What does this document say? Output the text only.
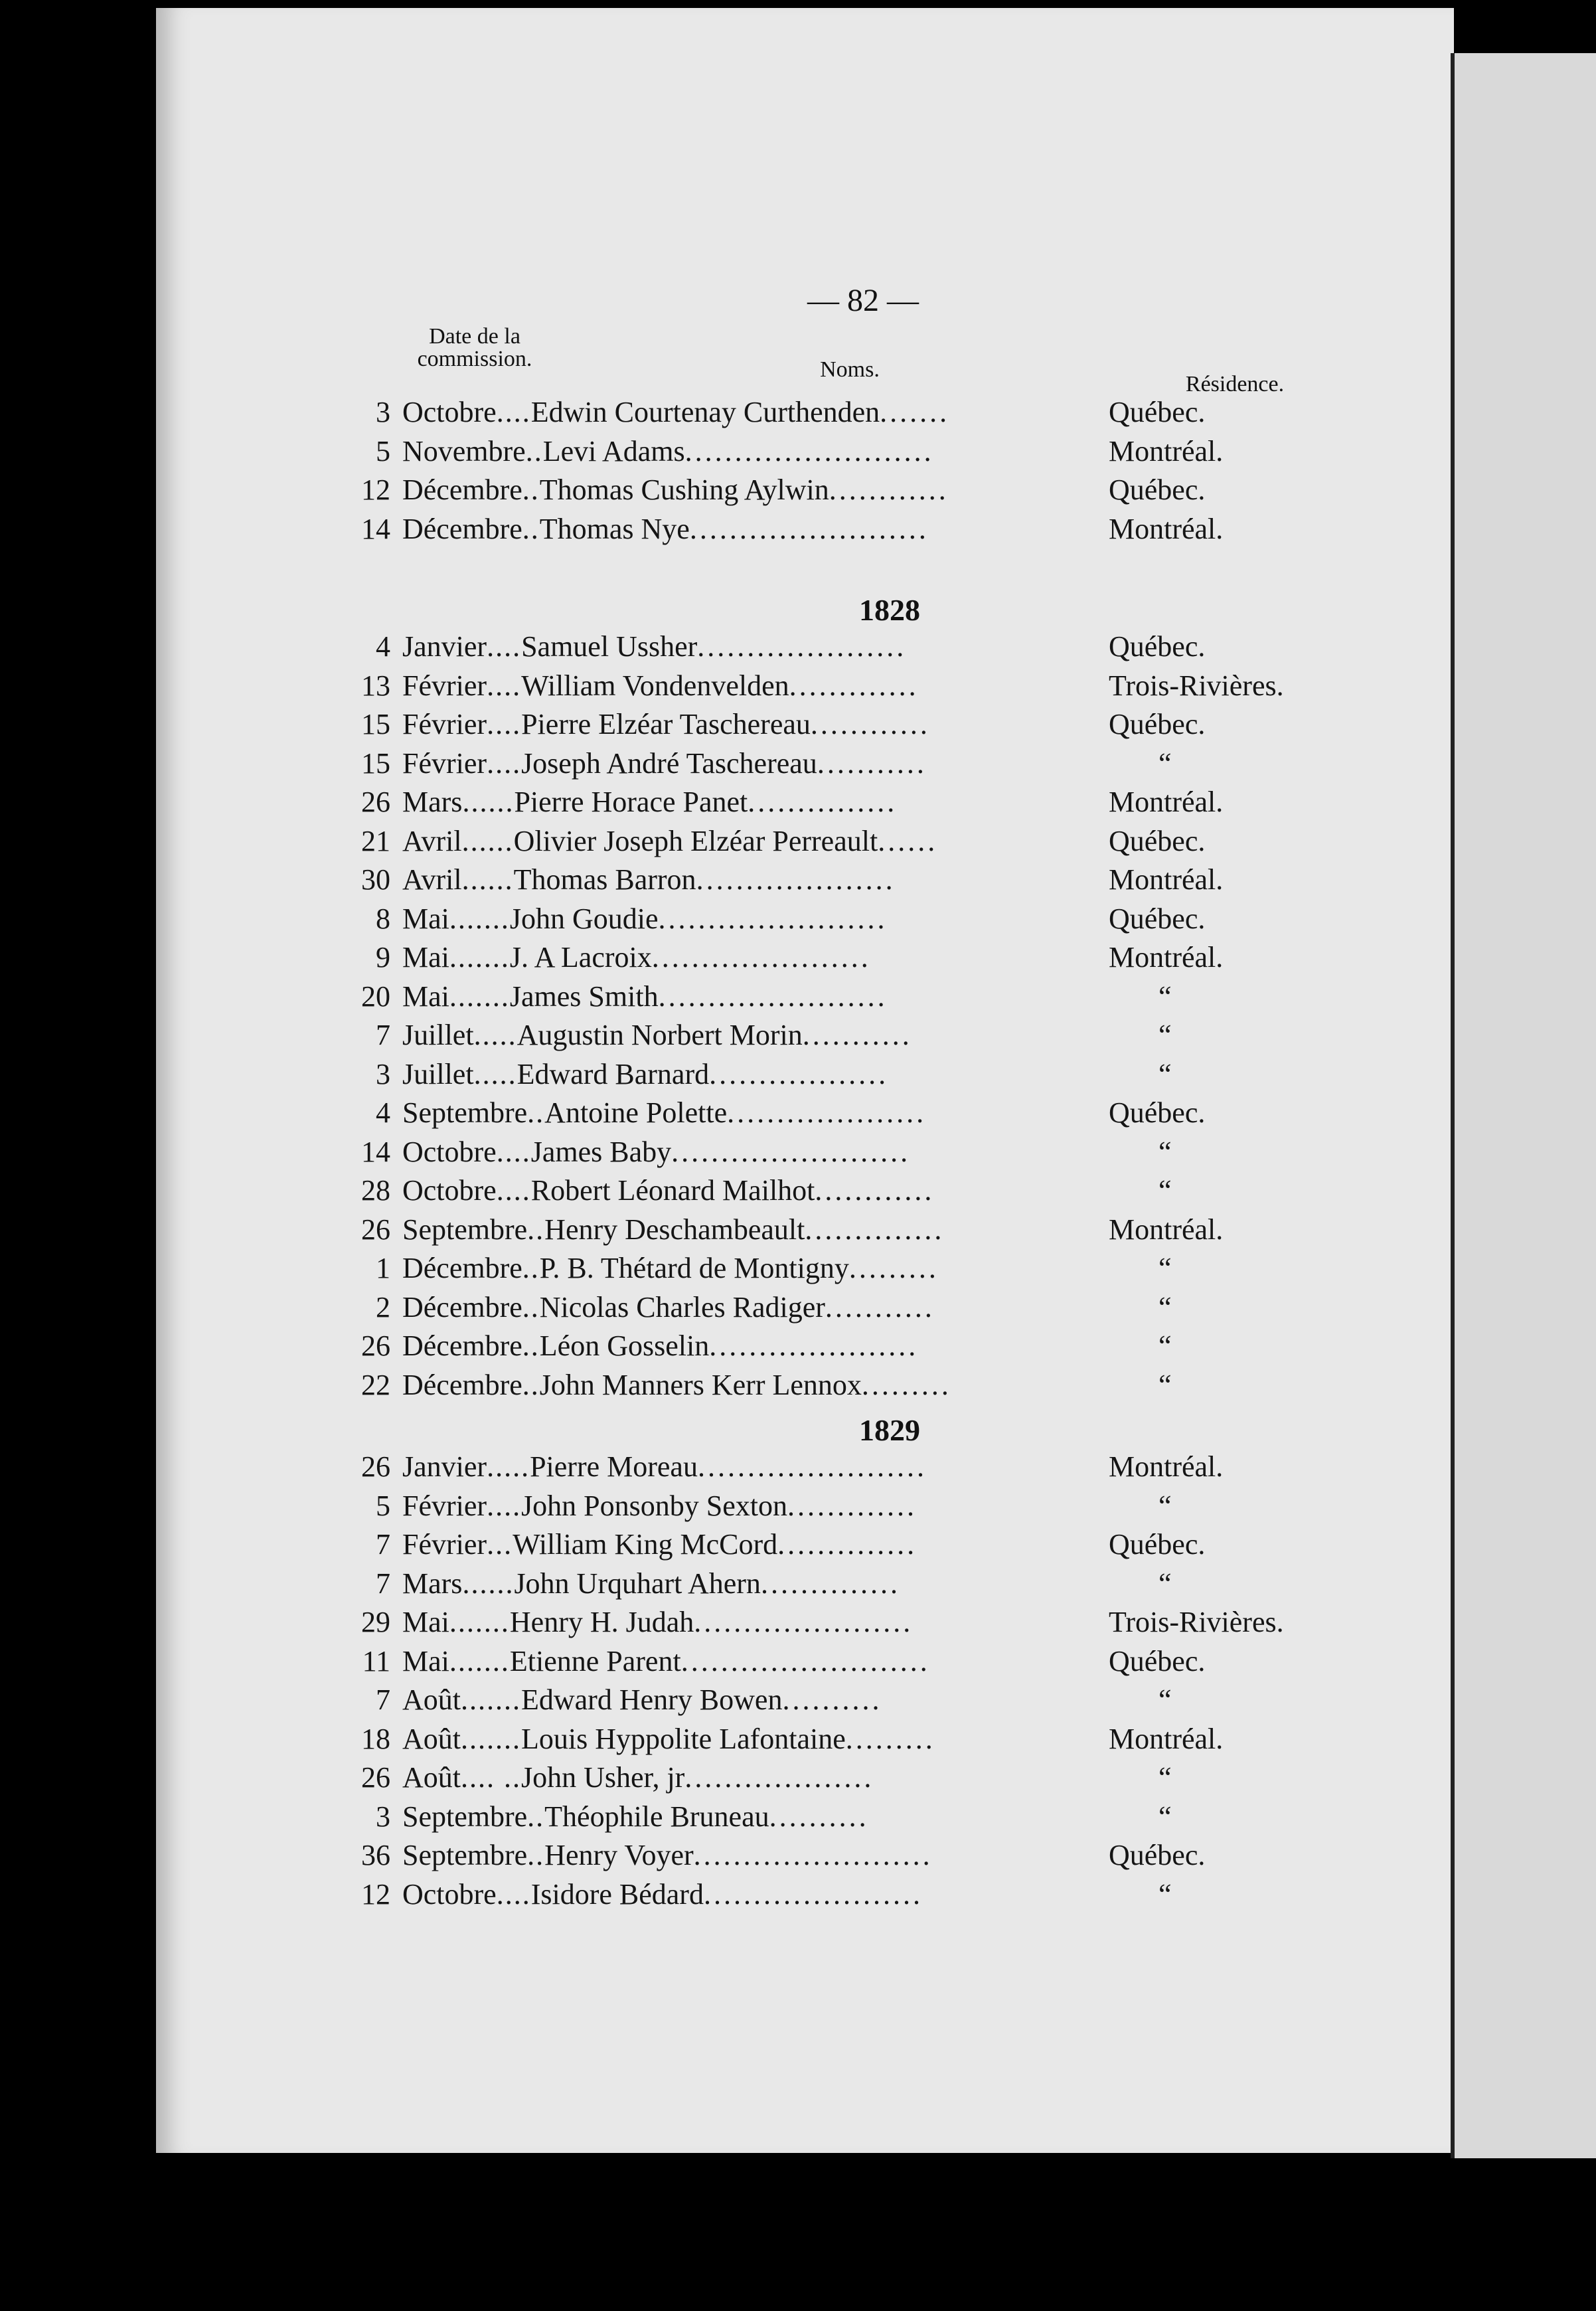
— 82 —
Date de la
commission.	Noms.
Résidence.
3 Octobre .... Edwin Courtenay Curthenden .......	Québec.
5 Novembre .. Levi Adams .........................	Montréal.
12 Décembre .. Thomas Cushing Aylwin ............	Québec.
14 Décembre .. Thomas Nye ........................	Montréal.
1828
4 Janvier .... Samuel Ussher .....................	Québec.
13 Février .... William Vondenvelden .............	Trois-Rivières.
15 Février .... Pierre Elzéar Taschereau ............	Québec.
15 Février .... Joseph André Taschereau ...........	“
26 Mars ...... Pierre Horace Panet ...............	Montréal.
21 Avril ...... Olivier Joseph Elzéar Perreault ......	Québec.
30 Avril ...... Thomas Barron ....................	Montréal.
8 Mai ....... John Goudie .......................	Québec.
9 Mai ....... J. A Lacroix ......................	Montréal.
20 Mai ....... James Smith .......................	“
7 Juillet ..... Augustin Norbert Morin ...........	“
3 Juillet ..... Edward Barnard ..................	“
4 Septembre .. Antoine Polette ....................	Québec.
14 Octobre .... James Baby ........................	“
28 Octobre .... Robert Léonard Mailhot ............	“
26 Septembre .. Henry Deschambeault ..............	Montréal.
1 Décembre .. P. B. Thétard de Montigny .........	“
2 Décembre .. Nicolas Charles Radiger ...........	“
26 Décembre .. Léon Gosselin .....................	“
22 Décembre .. John Manners Kerr Lennox .........	“
1829
26 Janvier ..... Pierre Moreau .......................	Montréal.
5 Février .... John Ponsonby Sexton .............	“
7 Février ... William King McCord ..............	Québec.
7 Mars ...... John Urquhart Ahern ..............	“
29 Mai ....... Henry H. Judah ......................	Trois-Rivières.
11 Mai ....... Etienne Parent .........................	Québec.
7 Août ....... Edward Henry Bowen ..........	“
18 Août ....... Louis Hyppolite Lafontaine .........	Montréal.
26 Août .... .. John Usher, jr ...................	“
3 Septembre .. Théophile Bruneau ..........	“
36 Septembre .. Henry Voyer ........................	Québec.
12 Octobre .... Isidore Bédard ......................	“
